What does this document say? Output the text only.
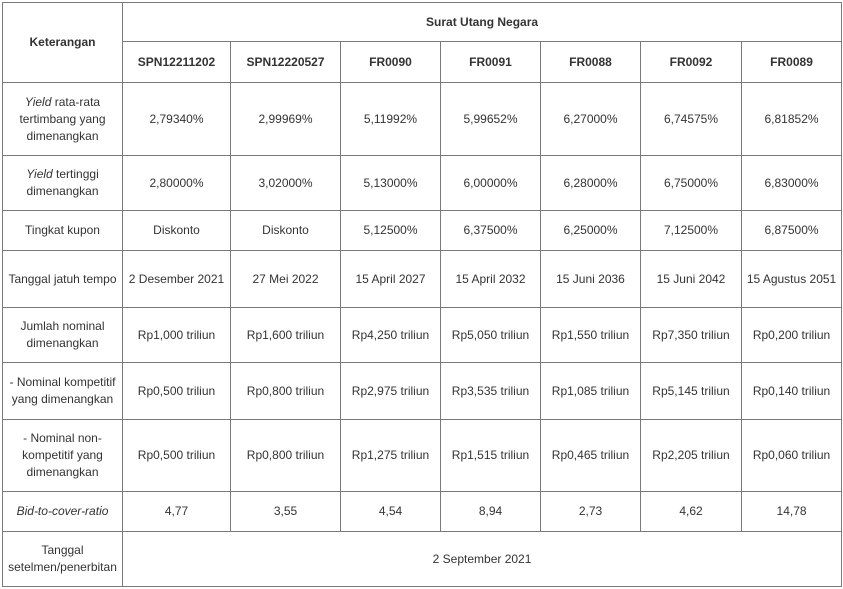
Keterangan	Surat Utang Negara						
	SPN12211202	SPN12220527	FR0090	FR0091	FR0088	FR0092	FR0089
Yield rata-rata tertimbang yang dimenangkan	2,79340%	2,99969%	5,11992%	5,99652%	6,27000%	6,74575%	6,81852%
Yield tertinggi dimenangkan	2,80000%	3,02000%	5,13000%	6,00000%	6,28000%	6,75000%	6,83000%
Tingkat kupon	Diskonto	Diskonto	5,12500%	6,37500%	6,25000%	7,12500%	6,87500%
Tanggal jatuh tempo	2 Desember 2021	27 Mei 2022	15 April 2027	15 April 2032	15 Juni 2036	15 Juni 2042	15 Agustus 2051
Jumlah nominal dimenangkan	Rp1,000 triliun	Rp1,600 triliun	Rp4,250 triliun	Rp5,050 triliun	Rp1,550 triliun	Rp7,350 triliun	Rp0,200 triliun
- Nominal kompetitif yang dimenangkan	Rp0,500 triliun	Rp0,800 triliun	Rp2,975 triliun	Rp3,535 triliun	Rp1,085 triliun	Rp5,145 triliun	Rp0,140 triliun
- Nominal non-kompetitif yang dimenangkan	Rp0,500 triliun	Rp0,800 triliun	Rp1,275 triliun	Rp1,515 triliun	Rp0,465 triliun	Rp2,205 triliun	Rp0,060 triliun
Bid-to-cover-ratio	4,77	3,55	4,54	8,94	2,73	4,62	14,78
Tanggal setelmen/penerbitan	2 September 2021						
